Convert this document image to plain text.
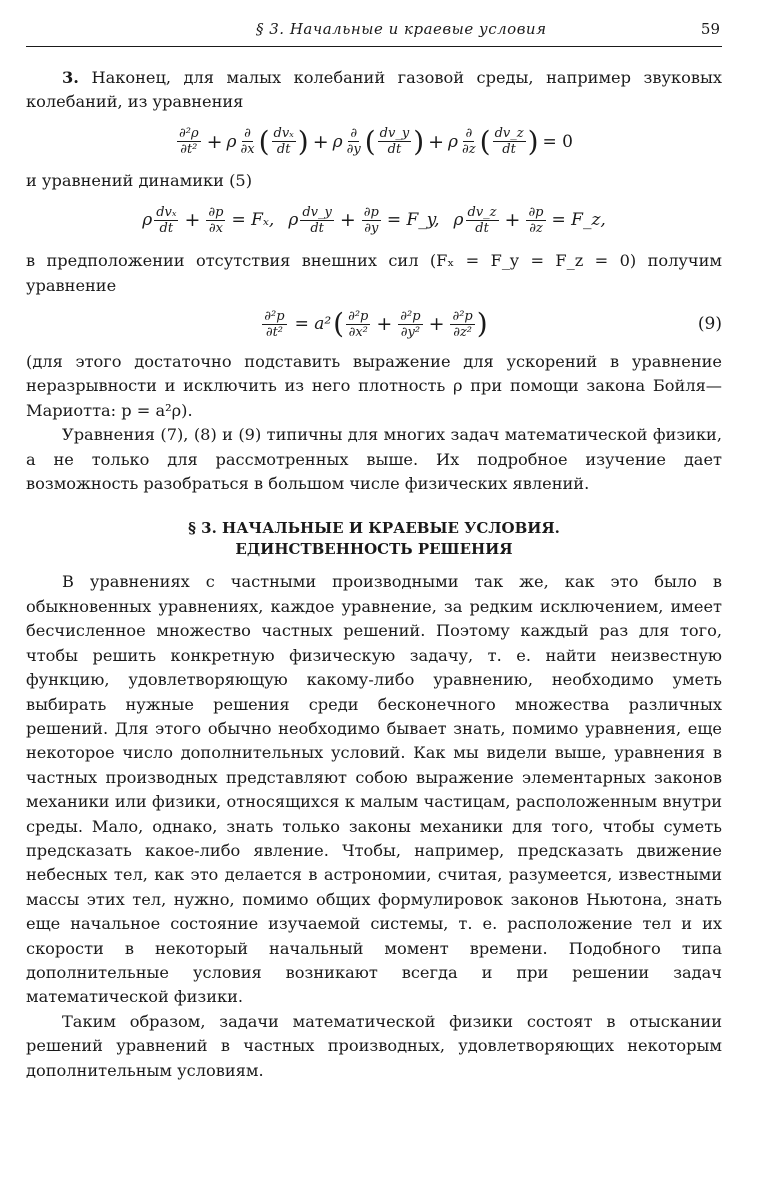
§ 3. Начальные и краевые условия	59

3. Наконец, для малых колебаний газовой среды, например звуковых колебаний, из уравнения

$\frac{\text{∂²ρ}}{\text{∂t²}} + \rho \frac{\partial}{\partial x}$ ( $\frac{\text{dvₓ}}{dt}$ ) + ρ $\frac{\partial}{\partial y}$ ( $\frac{dv\_y}{dt}$ ) + ρ $\frac{\partial}{\partial z}$ ( $\frac{dv\_z}{dt}$ ) = 0

и уравнений динамики (5)

ρ $\frac{\text{dvₓ}}{dt} + \frac{\partial p}{\partial x} = F_x$, ρ $\frac{dv\_y}{dt} + \frac{\partial p}{\partial y}$ = F_y, ρ $\frac{dv\_z}{dt} + \frac{\partial p}{\partial z}$ = F_z,

в предположении отсутствия внешних сил (Fₓ = F_y = F_z = 0) получим уравнение

$\frac{\text{∂²p}}{\text{∂t²}} = a^2$ ( $\frac{\text{∂²p}}{\text{∂x²}} + \frac{\text{∂²p}}{\text{∂y²}} + \frac{\text{∂²p}}{\text{∂z²}}$ )	(9)

(для этого достаточно подставить выражение для ускорений в уравнение неразрывности и исключить из него плотность ρ при помощи закона Бойля—Мариотта: p = a²ρ).

Уравнения (7), (8) и (9) типичны для многих задач математической физики, а не только для рассмотренных выше. Их подробное изучение дает возможность разобраться в большом числе физических явлений.

§ 3. НАЧАЛЬНЫЕ И КРАЕВЫЕ УСЛОВИЯ.
ЕДИНСТВЕННОСТЬ РЕШЕНИЯ

В уравнениях с частными производными так же, как это было в обыкновенных уравнениях, каждое уравнение, за редким исключением, имеет бесчисленное множество частных решений. Поэтому каждый раз для того, чтобы решить конкретную физическую задачу, т. е. найти неизвестную функцию, удовлетворяющую какому-либо уравнению, необходимо уметь выбирать нужные решения среди бесконечного множества различных решений. Для этого обычно необходимо бывает знать, помимо уравнения, еще некоторое число дополнительных условий. Как мы видели выше, уравнения в частных производных представляют собою выражение элементарных законов механики или физики, относящихся к малым частицам, расположенным внутри среды. Мало, однако, знать только законы механики для того, чтобы суметь предсказать какое-либо явление. Чтобы, например, предсказать движение небесных тел, как это делается в астрономии, считая, разумеется, известными массы этих тел, нужно, помимо общих формулировок законов Ньютона, знать еще начальное состояние изучаемой системы, т. е. расположение тел и их скорости в некоторый начальный момент времени. Подобного типа дополнительные условия возникают всегда и при решении задач математической физики.

Таким образом, задачи математической физики состоят в отыскании решений уравнений в частных производных, удовлетворяющих некоторым дополнительным условиям.
